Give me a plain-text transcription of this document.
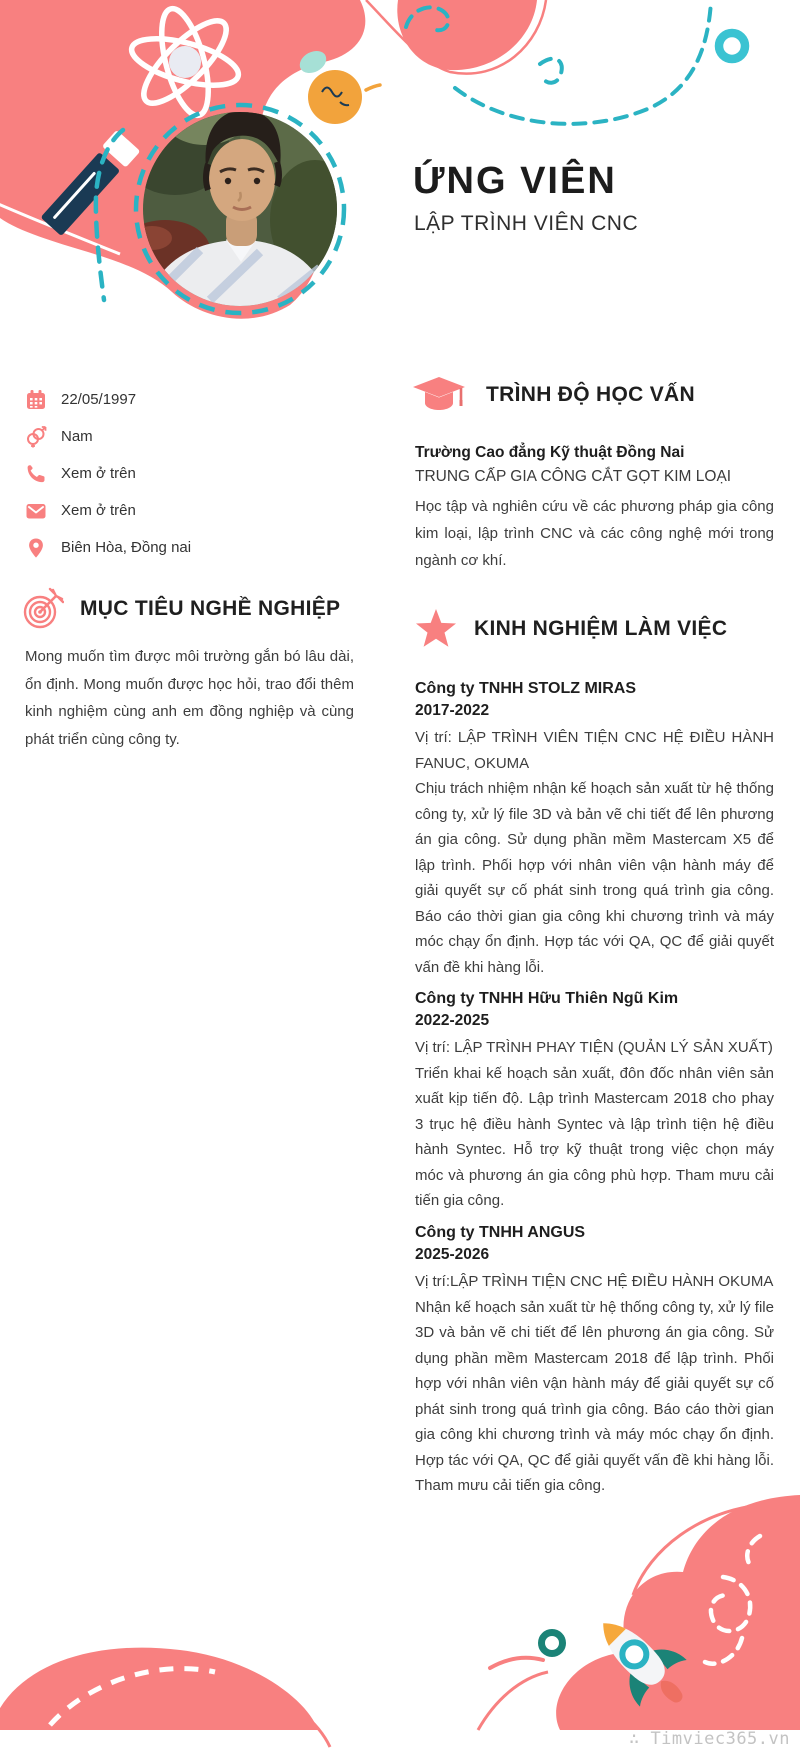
ỨNG VIÊN
LẬP TRÌNH VIÊN CNC
22/05/1997
Nam
Xem ở trên
Xem ở trên
Biên Hòa, Đồng nai
MỤC TIÊU NGHỀ NGHIỆP
Mong muốn tìm được môi trường gắn bó lâu dài, ổn định. Mong muốn được học hỏi, trao đổi thêm kinh nghiệm cùng anh em đồng nghiệp và cùng phát triển cùng công ty.
TRÌNH ĐỘ HỌC VẤN
Trường Cao đẳng Kỹ thuật Đồng Nai
TRUNG CẤP GIA CÔNG CẮT GỌT KIM LOẠI
Học tập và nghiên cứu về các phương pháp gia công kim loại, lập trình CNC và các công nghệ mới trong ngành cơ khí.
KINH NGHIỆM LÀM VIỆC
Công ty TNHH STOLZ MIRAS
2017-2022
Vị trí: LẬP TRÌNH VIÊN TIỆN CNC HỆ ĐIỀU HÀNH FANUC, OKUMA
Chịu trách nhiệm nhận kế hoạch sản xuất từ hệ thống công ty, xử lý file 3D và bản vẽ chi tiết để lên phương án gia công. Sử dụng phần mềm Mastercam X5 để lập trình. Phối hợp với nhân viên vận hành máy để giải quyết sự cố phát sinh trong quá trình gia công. Báo cáo thời gian gia công khi chương trình và máy móc chạy ổn định. Hợp tác với QA, QC để giải quyết vấn đề khi hàng lỗi.
Công ty TNHH Hữu Thiên Ngũ Kim
2022-2025
Vị trí: LẬP TRÌNH PHAY TIỆN (QUẢN LÝ SẢN XUẤT)
Triển khai kế hoạch sản xuất, đôn đốc nhân viên sản xuất kịp tiến độ. Lập trình Mastercam 2018 cho phay 3 trục hệ điều hành Syntec và lập trình tiện hệ điều hành Syntec. Hỗ trợ kỹ thuật trong việc chọn máy móc và phương án gia công phù hợp. Tham mưu cải tiến gia công.
Công ty TNHH ANGUS
2025-2026
Vị trí:LẬP TRÌNH TIỆN CNC HỆ ĐIỀU HÀNH OKUMA
Nhận kế hoạch sản xuất từ hệ thống công ty, xử lý file 3D và bản vẽ chi tiết để lên phương án gia công. Sử dụng phần mềm Mastercam 2018 để lập trình. Phối hợp với nhân viên vận hành máy để giải quyết sự cố phát sinh trong quá trình gia công. Báo cáo thời gian gia công khi chương trình và máy móc chạy ổn định. Hợp tác với QA, QC để giải quyết vấn đề khi hàng lỗi. Tham mưu cải tiến gia công.
∴ Timviec365.vn
